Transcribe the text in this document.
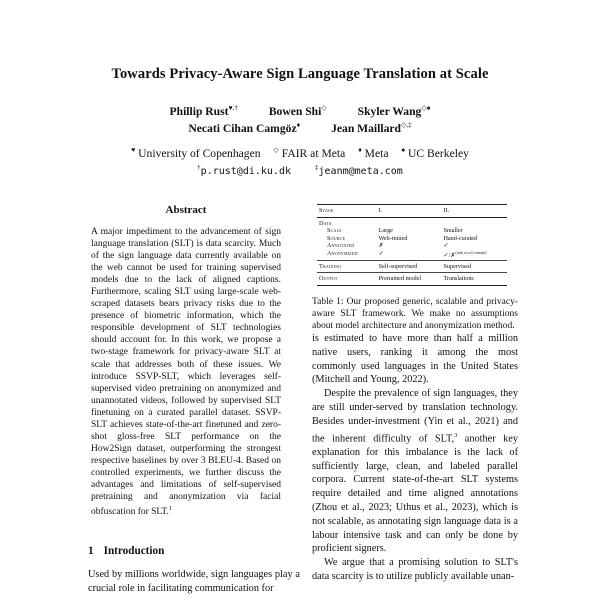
Towards Privacy-Aware Sign Language Translation at Scale
Phillip Rust♥,†	Bowen Shi◇	Skyler Wang◇♠
Necati Cihan Camgöz♦	Jean Maillard◇,‡
♥ University of Copenhagen ◇ FAIR at Meta ♦ Meta ♠ UC Berkeley
†p.rust@di.ku.dk	‡jeanm@meta.com
Abstract
A major impediment to the advancement of sign language translation (SLT) is data scarcity. Much of the sign language data currently available on the web cannot be used for training supervised models due to the lack of aligned captions. Furthermore, scaling SLT using large-scale web-scraped datasets bears privacy risks due to the presence of biometric information, which the responsible development of SLT technologies should account for. In this work, we propose a two-stage framework for privacy-aware SLT at scale that addresses both of these issues. We introduce SSVP-SLT, which leverages self-supervised video pretraining on anonymized and unannotated videos, followed by supervised SLT finetuning on a curated parallel dataset. SSVP-SLT achieves state-of-the-art finetuned and zero-shot gloss-free SLT performance on the How2Sign dataset, outperforming the strongest respective baselines by over 3 BLEU-4. Based on controlled experiments, we further discuss the advantages and limitations of self-supervised pretraining and anonymization via facial obfuscation for SLT.$^1$
1 Introduction
Used by millions worldwide, sign languages play a crucial role in facilitating communication for
Stage	I.	II.
Data		
Scale	Large	Smaller
Source	Web-mined	Hand-curated
Annotated	✗	✓
Anonymized	✓	✓/✗$^{(with or w/o consent)}$
Training	Self-supervised	Supervised
Output	Pretrained model	Translations
Table 1: Our proposed generic, scalable and privacy-aware SLT framework. We make no assumptions about model architecture and anonymization method.

is estimated to have more than half a million native users, ranking it among the most commonly used languages in the United States (Mitchell and Young, 2022).

Despite the prevalence of sign languages, they are still under-served by translation technology. Besides under-investment (Yin et al., 2021) and the inherent difficulty of SLT,$^3$ another key explanation for this imbalance is the lack of sufficiently large, clean, and labeled parallel corpora. Current state-of-the-art SLT systems require detailed and time aligned annotations (Zhou et al., 2023; Uthus et al., 2023), which is not scalable, as annotating sign language data is a labour intensive task and can only be done by proficient signers.

We argue that a promising solution to SLT's data scarcity is to utilize publicly available unan-
